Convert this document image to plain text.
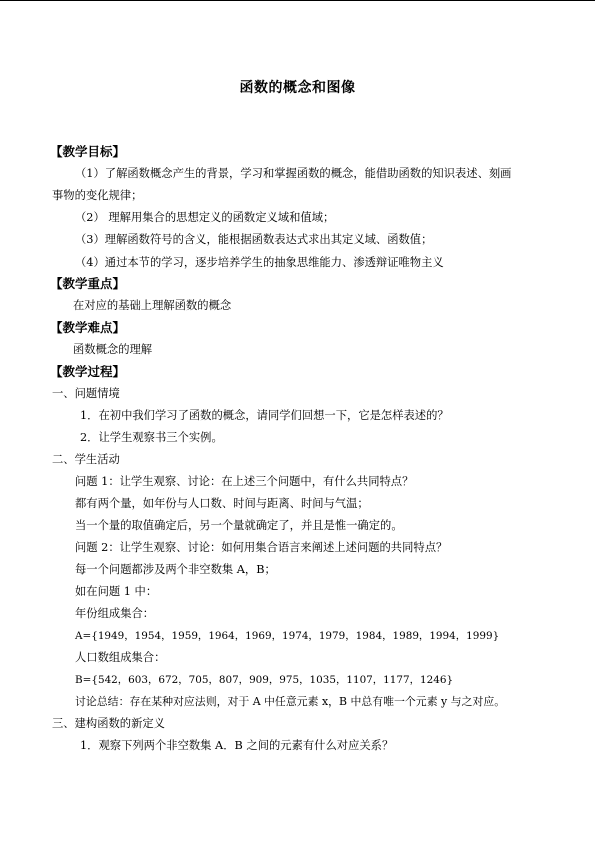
函数的概念和图像
【教学目标】
（1）了解函数概念产生的背景，学习和掌握函数的概念，能借助函数的知识表述、刻画
事物的变化规律；
（2） 理解用集合的思想定义的函数定义域和值域；
（3）理解函数符号的含义，能根据函数表达式求出其定义域、函数值；
（4）通过本节的学习，逐步培养学生的抽象思维能力、渗透辩证唯物主义
【教学重点】
在对应的基础上理解函数的概念
【教学难点】
函数概念的理解
【教学过程】
一、问题情境
1．在初中我们学习了函数的概念，请同学们回想一下，它是怎样表述的？
2．让学生观察书三个实例。
二、学生活动
问题 1：让学生观察、讨论：在上述三个问题中，有什么共同特点？
都有两个量，如年份与人口数、时间与距离、时间与气温；
当一个量的取值确定后，另一个量就确定了，并且是惟一确定的。
问题 2：让学生观察、讨论：如何用集合语言来阐述上述问题的共同特点？
每一个问题都涉及两个非空数集 A，B；
如在问题 1 中：
年份组成集合：
A={1949，1954，1959，1964，1969，1974，1979，1984，1989，1994，1999}
人口数组成集合：
B={542，603，672，705，807，909，975，1035，1107，1177，1246}
讨论总结：存在某种对应法则，对于 A 中任意元素 x，B 中总有唯一个元素 y 与之对应。
三、建构函数的新定义
1．观察下列两个非空数集 A．B 之间的元素有什么对应关系？
